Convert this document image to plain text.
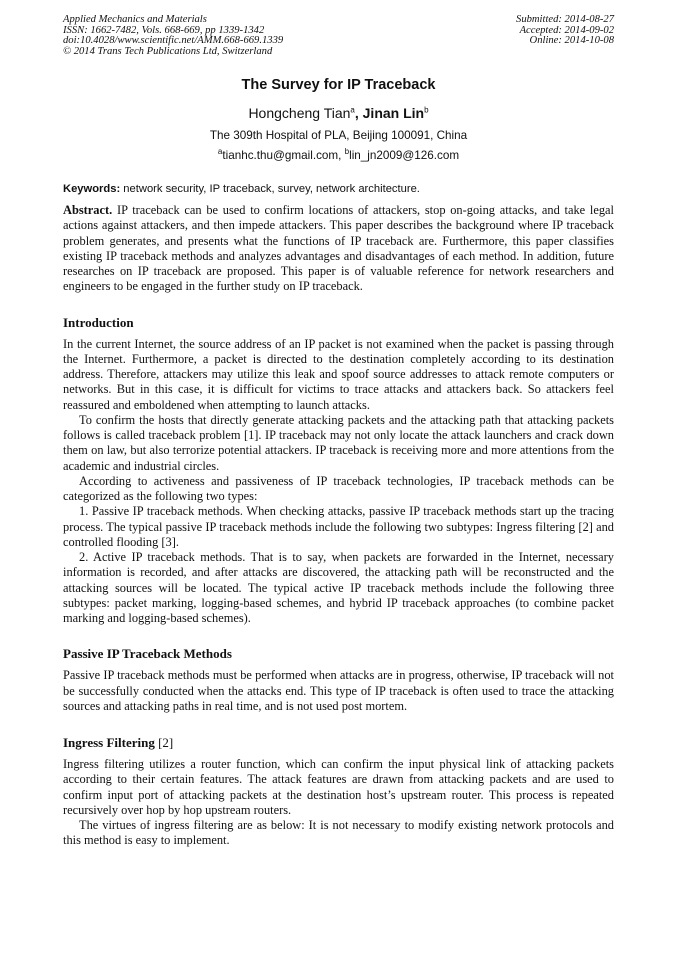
Applied Mechanics and Materials
ISSN: 1662-7482, Vols. 668-669, pp 1339-1342
doi:10.4028/www.scientific.net/AMM.668-669.1339
© 2014 Trans Tech Publications Ltd, Switzerland
Submitted: 2014-08-27
Accepted: 2014-09-02
Online: 2014-10-08
The Survey for IP Traceback
Hongcheng Tian$^a$, Jinan Lin$^b$
The 309th Hospital of PLA, Beijing 100091, China
$^a$tianhc.thu@gmail.com, $^b$lin_jn2009@126.com
Keywords: network security, IP traceback, survey, network architecture.
Abstract. IP traceback can be used to confirm locations of attackers, stop on-going attacks, and take legal actions against attackers, and then impede attackers. This paper describes the background where IP traceback problem generates, and presents what the functions of IP traceback are. Furthermore, this paper classifies existing IP traceback methods and analyzes advantages and disadvantages of each method. In addition, future researches on IP traceback are proposed. This paper is of valuable reference for network researchers and engineers to be engaged in the further study on IP traceback.
Introduction

In the current Internet, the source address of an IP packet is not examined when the packet is passing through the Internet. Furthermore, a packet is directed to the destination completely according to its destination address. Therefore, attackers may utilize this leak and spoof source addresses to attack remote computers or networks. But in this case, it is difficult for victims to trace attacks and attackers back. So attackers feel reassured and emboldened when attempting to launch attacks.

To confirm the hosts that directly generate attacking packets and the attacking path that attacking packets follows is called traceback problem [1]. IP traceback may not only locate the attack launchers and crack down them on law, but also terrorize potential attackers. IP traceback is receiving more and more attentions from the academic and industrial circles.

According to activeness and passiveness of IP traceback technologies, IP traceback methods can be categorized as the following two types:

1. Passive IP traceback methods. When checking attacks, passive IP traceback methods start up the tracing process. The typical passive IP traceback methods include the following two subtypes: Ingress filtering [2] and controlled flooding [3].

2. Active IP traceback methods. That is to say, when packets are forwarded in the Internet, necessary information is recorded, and after attacks are discovered, the attacking path will be reconstructed and the attacking sources will be located. The typical active IP traceback methods include the following three subtypes: packet marking, logging-based schemes, and hybrid IP traceback approaches (to combine packet marking and logging-based schemes).

Passive IP Traceback Methods

Passive IP traceback methods must be performed when attacks are in progress, otherwise, IP traceback will not be successfully conducted when the attacks end. This type of IP traceback is often used to trace the attacking sources and attacking paths in real time, and is not used post mortem.

Ingress Filtering [2]

Ingress filtering utilizes a router function, which can confirm the input physical link of attacking packets according to their certain features. The attack features are drawn from attacking packets and are used to confirm input port of attacking packets at the destination host’s upstream router. This process is repeated recursively over hop by hop upstream routers.

The virtues of ingress filtering are as below: It is not necessary to modify existing network protocols and this method is easy to implement.
